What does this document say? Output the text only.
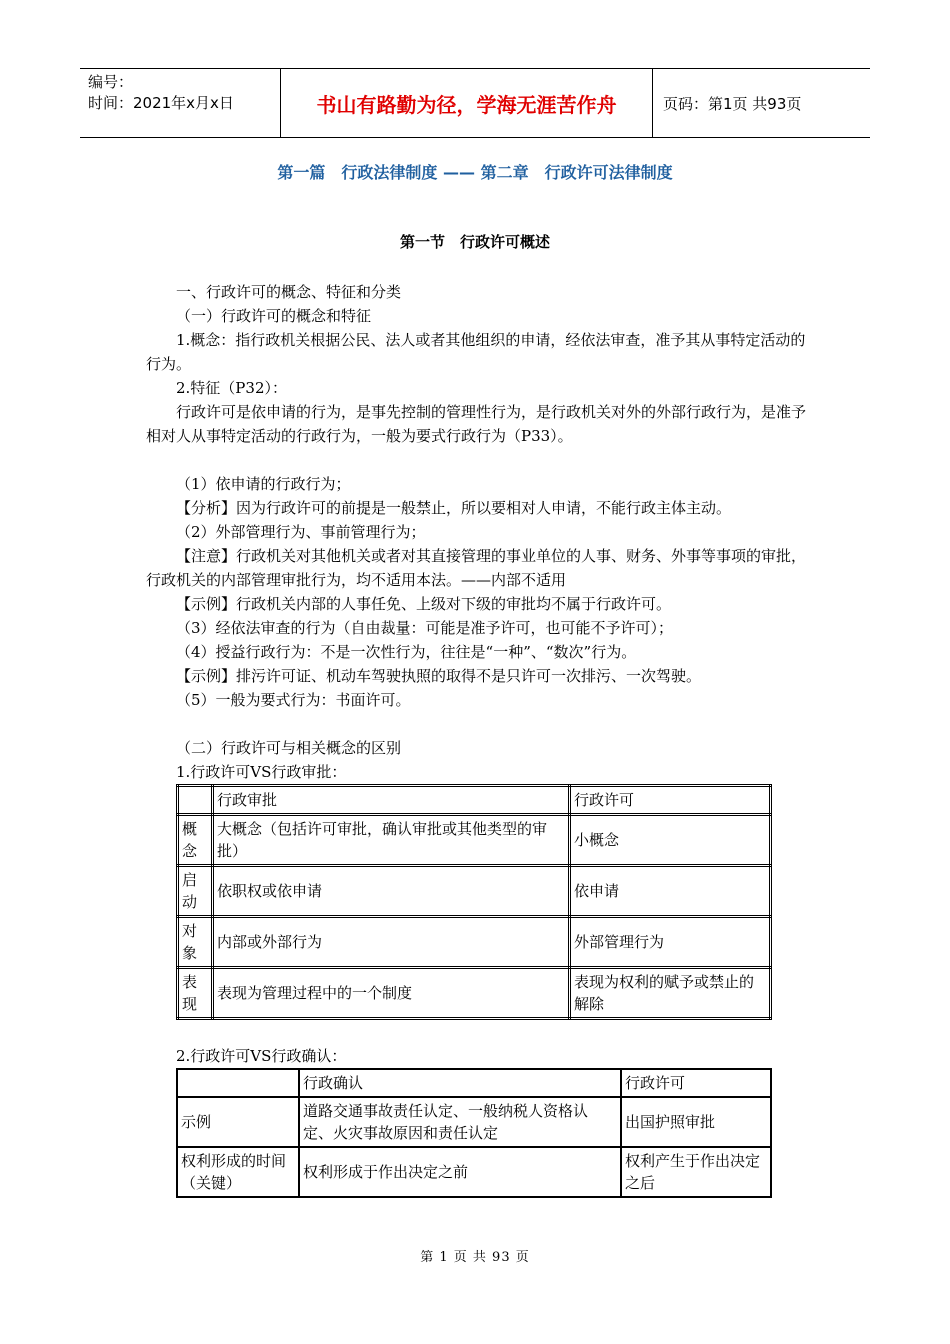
编号：
时间：2021年x月x日	书山有路勤为径，学海无涯苦作舟	页码：第1页 共93页
第一篇　行政法律制度 —— 第二章　行政许可法律制度
第一节　行政许可概述

一、行政许可的概念、特征和分类

（一）行政许可的概念和特征

1.概念：指行政机关根据公民、法人或者其他组织的申请，经依法审查，准予其从事特定活动的行为。

2.特征（P32）：

行政许可是依申请的行为，是事先控制的管理性行为，是行政机关对外的外部行政行为，是准予相对人从事特定活动的行政行为，一般为要式行政行为（P33）。

（1）依申请的行政行为；

【分析】因为行政许可的前提是一般禁止，所以要相对人申请，不能行政主体主动。

（2）外部管理行为、事前管理行为；

【注意】行政机关对其他机关或者对其直接管理的事业单位的人事、财务、外事等事项的审批，行政机关的内部管理审批行为，均不适用本法。——内部不适用

【示例】行政机关内部的人事任免、上级对下级的审批均不属于行政许可。

（3）经依法审查的行为（自由裁量：可能是准予许可，也可能不予许可）；

（4）授益行政行为：不是一次性行为，往往是“一种”、“数次”行为。

【示例】排污许可证、机动车驾驶执照的取得不是只许可一次排污、一次驾驶。

（5）一般为要式行为：书面许可。

（二）行政许可与相关概念的区别

1.行政许可VS行政审批：

	行政审批	行政许可
概念	大概念（包括许可审批，确认审批或其他类型的审批）	小概念
启动	依职权或依申请	依申请
对象	内部或外部行为	外部管理行为
表现	表现为管理过程中的一个制度	表现为权利的赋予或禁止的解除

2.行政许可VS行政确认：

	行政确认	行政许可
示例	道路交通事故责任认定、一般纳税人资格认定、火灾事故原因和责任认定	出国护照审批
权利形成的时间（关键）	权利形成于作出决定之前	权利产生于作出决定之后
第 1 页 共 93 页
